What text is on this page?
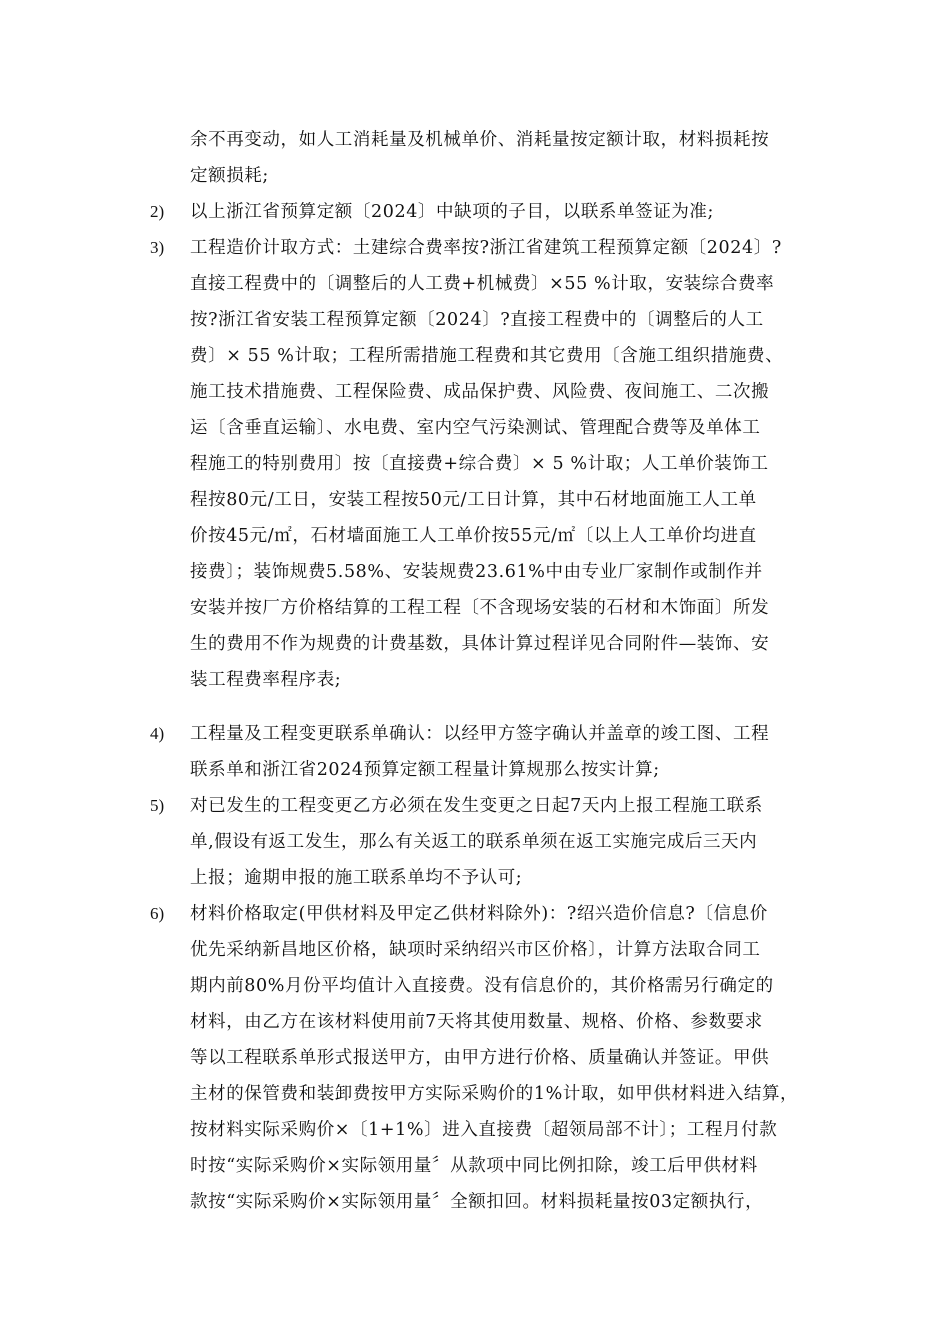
余不再变动，如人工消耗量及机械单价、消耗量按定额计取，材料损耗按
定额损耗;
2)	以上浙江省预算定额〔2024〕中缺项的子目，以联系单签证为准;
3)	工程造价计取方式：土建综合费率按?浙江省建筑工程预算定额〔2024〕?
直接工程费中的〔调整后的人工费+机械费〕×55 %计取，安装综合费率
按?浙江省安装工程预算定额〔2024〕?直接工程费中的〔调整后的人工
费〕× 55 %计取；工程所需措施工程费和其它费用〔含施工组织措施费、
施工技术措施费、工程保险费、成品保护费、风险费、夜间施工、二次搬
运〔含垂直运输〕、水电费、室内空气污染测试、管理配合费等及单体工
程施工的特别费用〕按〔直接费+综合费〕× 5 %计取；人工单价装饰工
程按80元/工日，安装工程按50元/工日计算，其中石材地面施工人工单
价按45元/㎡，石材墙面施工人工单价按55元/㎡〔以上人工单价均进直
接费〕；装饰规费5.58%、安装规费23.61%中由专业厂家制作或制作并
安装并按厂方价格结算的工程工程〔不含现场安装的石材和木饰面〕所发
生的费用不作为规费的计费基数，具体计算过程详见合同附件—装饰、安
装工程费率程序表;
4)	工程量及工程变更联系单确认：以经甲方签字确认并盖章的竣工图、工程
联系单和浙江省2024预算定额工程量计算规那么按实计算;
5)	对已发生的工程变更乙方必须在发生变更之日起7天内上报工程施工联系
单,假设有返工发生，那么有关返工的联系单须在返工实施完成后三天内
上报；逾期申报的施工联系单均不予认可;
6)	材料价格取定(甲供材料及甲定乙供材料除外)：?绍兴造价信息?〔信息价
优先采纳新昌地区价格，缺项时采纳绍兴市区价格〕，计算方法取合同工
期内前80%月份平均值计入直接费。没有信息价的，其价格需另行确定的
材料，由乙方在该材料使用前7天将其使用数量、规格、价格、参数要求
等以工程联系单形式报送甲方，由甲方进行价格、质量确认并签证。甲供
主材的保管费和装卸费按甲方实际采购价的1%计取，如甲供材料进入结算，
按材料实际采购价×〔1+1%〕进入直接费〔超领局部不计〕；工程月付款
时按“实际采购价×实际领用量〞从款项中同比例扣除，竣工后甲供材料
款按“实际采购价×实际领用量〞全额扣回。材料损耗量按03定额执行，
